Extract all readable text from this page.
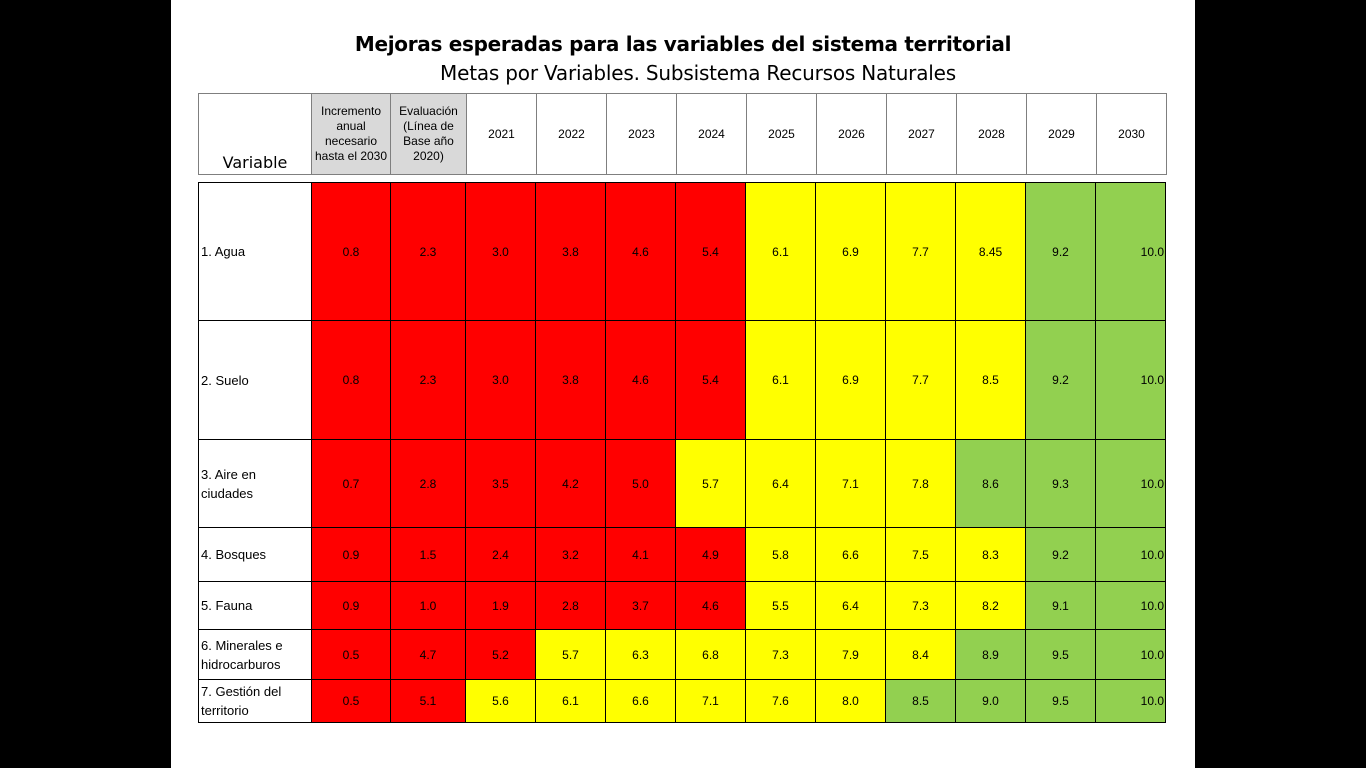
Mejoras esperadas para las variables del sistema territorial
Metas por Variables. Subsistema Recursos Naturales
Variable	Incremento anual necesario hasta el 2030	Evaluación (Línea de Base año 2020)	2021	2022	2023	2024	2025	2026	2027	2028	2029	2030
1. Agua	0.8	2.3	3.0	3.8	4.6	5.4	6.1	6.9	7.7	8.45	9.2	10.0
2. Suelo	0.8	2.3	3.0	3.8	4.6	5.4	6.1	6.9	7.7	8.5	9.2	10.0
3. Aire en ciudades	0.7	2.8	3.5	4.2	5.0	5.7	6.4	7.1	7.8	8.6	9.3	10.0
4. Bosques	0.9	1.5	2.4	3.2	4.1	4.9	5.8	6.6	7.5	8.3	9.2	10.0
5. Fauna	0.9	1.0	1.9	2.8	3.7	4.6	5.5	6.4	7.3	8.2	9.1	10.0
6. Minerales e hidrocarburos	0.5	4.7	5.2	5.7	6.3	6.8	7.3	7.9	8.4	8.9	9.5	10.0
7. Gestión del territorio	0.5	5.1	5.6	6.1	6.6	7.1	7.6	8.0	8.5	9.0	9.5	10.0
